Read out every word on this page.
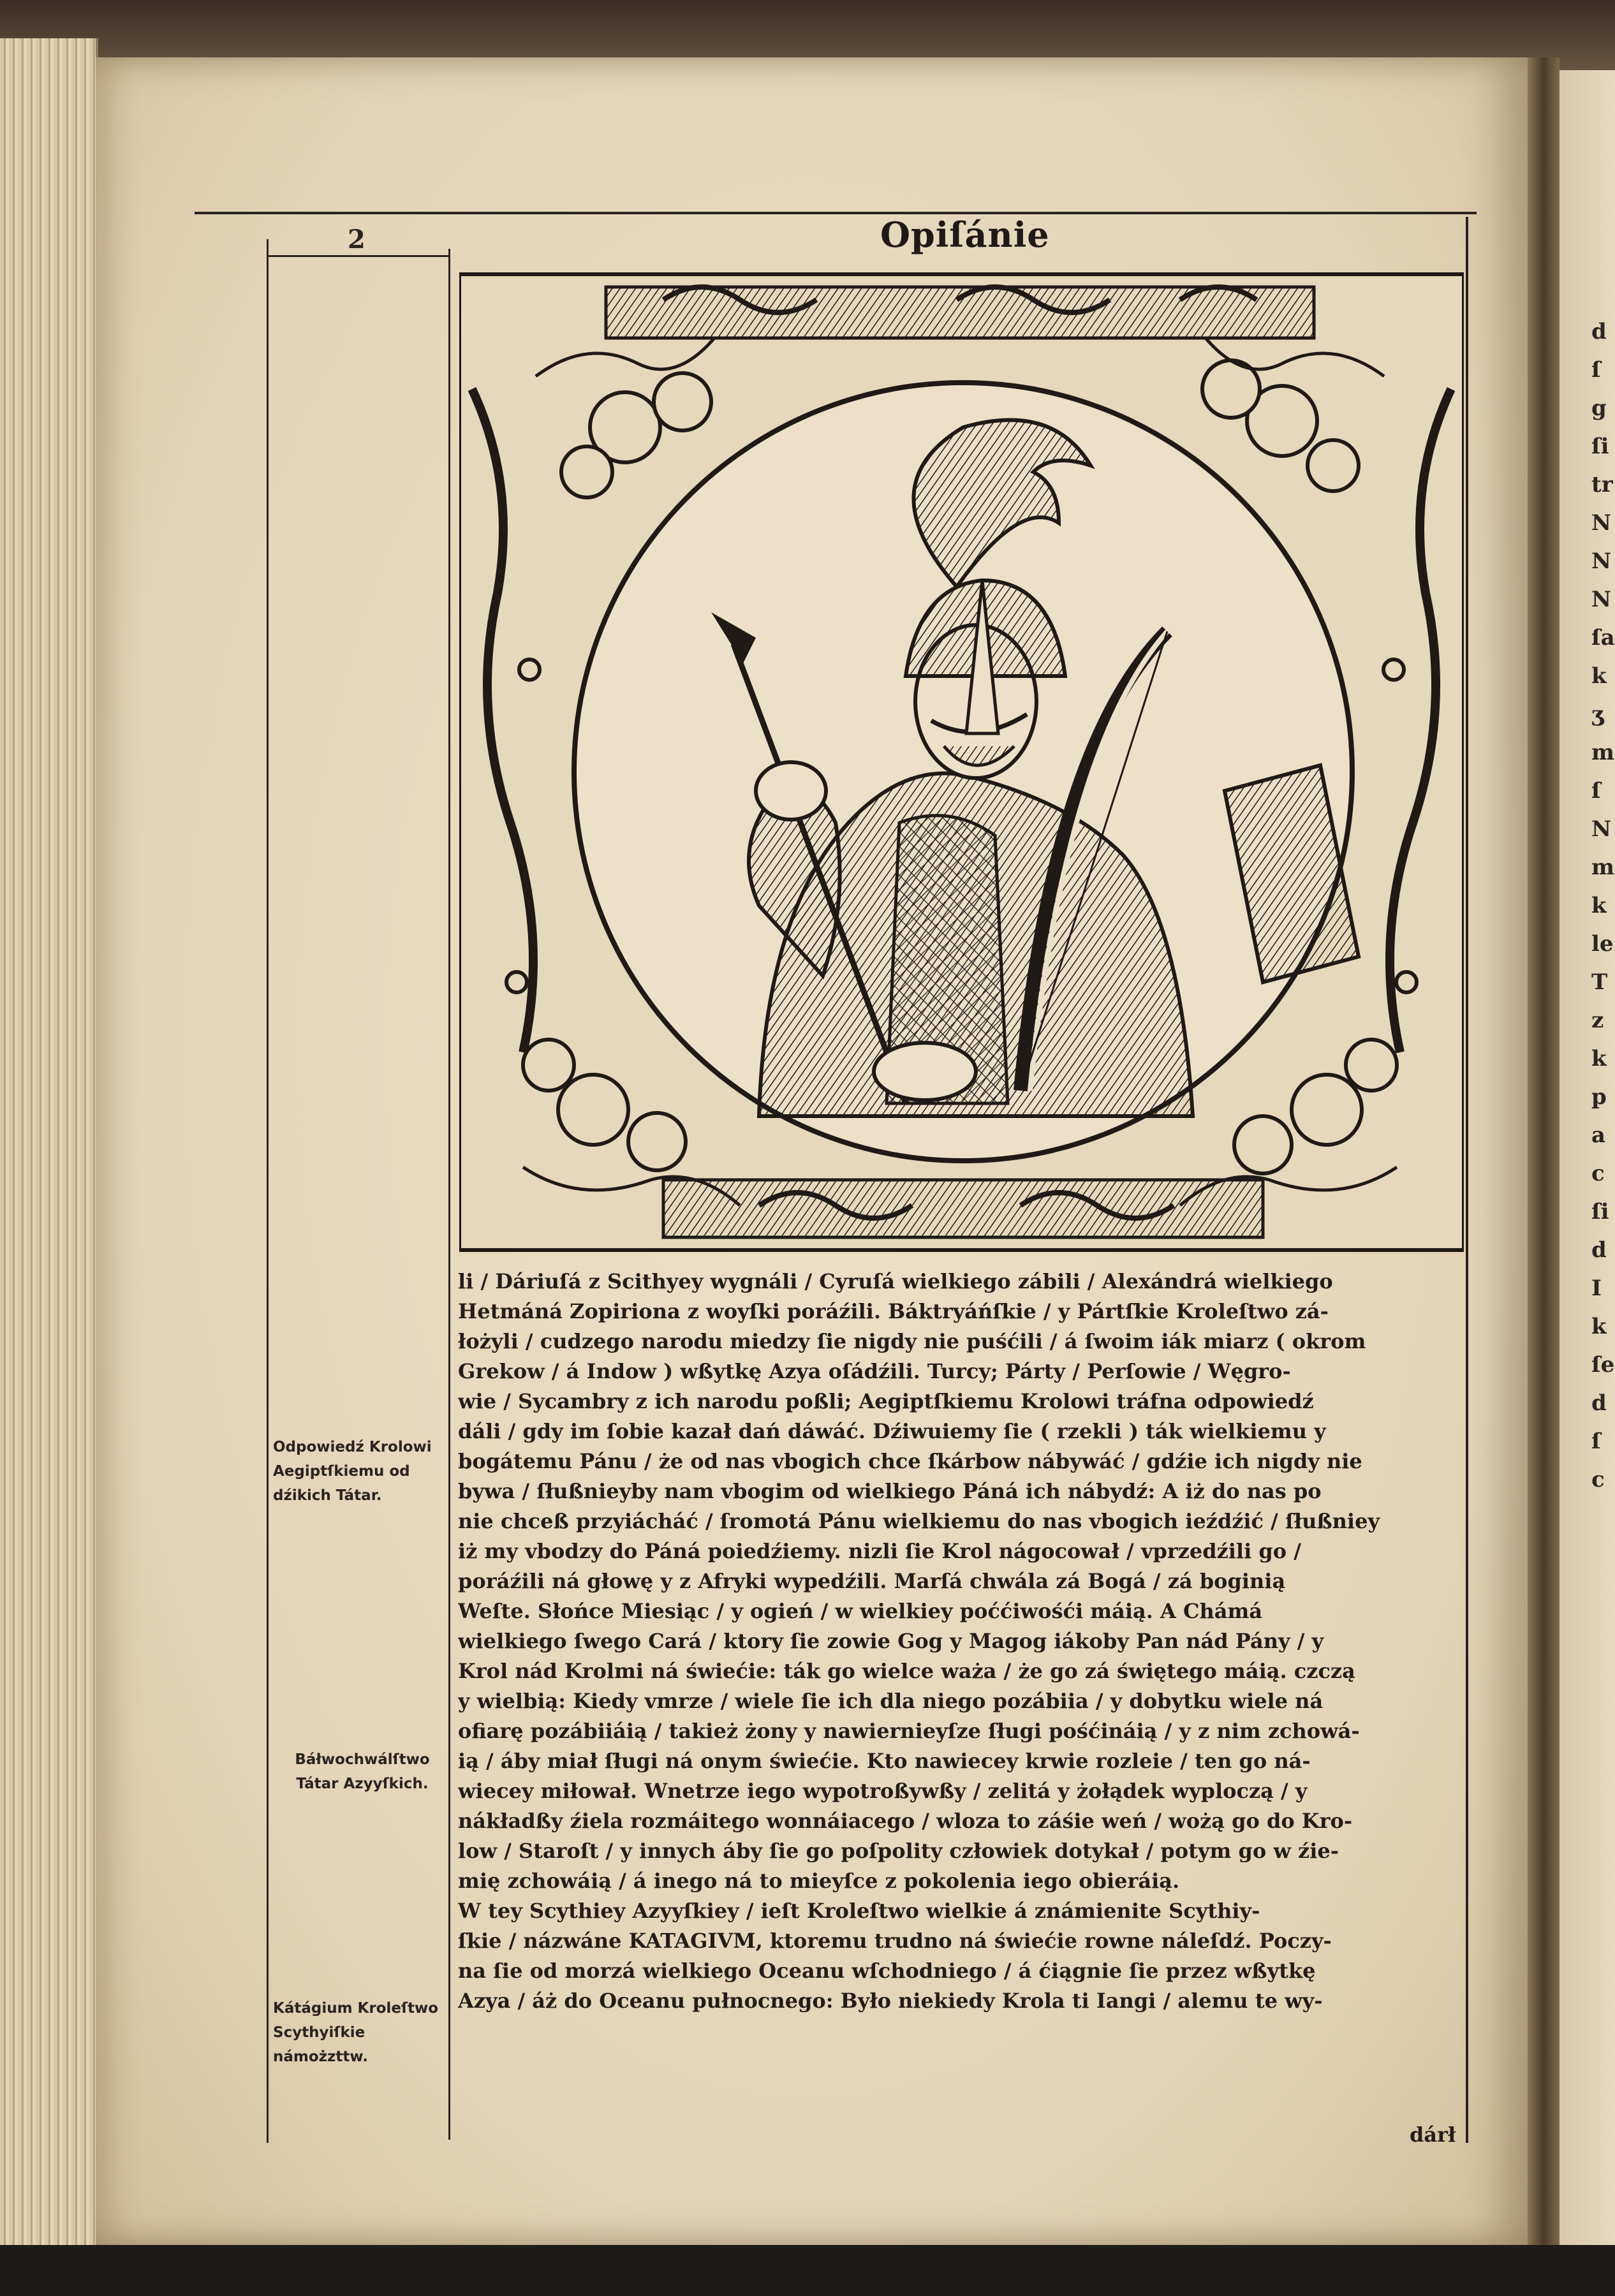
d
ſ
g
ſi
tr
N
N
N
ſa
k
ʒ
m
ſ
N
m
k
le
T
z
k
p
a
c
ſi
d
I
k
ſe
d
ſ
c
2	Opiſánie
Odpowiedź Krolowi Aegiptſkiemu od dźikich Tátar.
Báłwochwálſtwo Tátar Azyyſkich.
Kátágium Kroleſtwo Scythyiſkie námożzttw.
li / Dáriuſá z Scithyey wygnáli / Cyruſá wielkiego zábili / Alexándrá wielkiego
Hetmáná Zopiriona z woyſki poráźili. Báktryáńſkie / y Pártſkie Kroleſtwo zá-
łożyli / cudzego narodu miedzy ſie nigdy nie puśćili / á ſwoim iák miarz ( okrom
Grekow / á Indow ) wßytkę Azya oſádźili. Turcy; Párty / Perſowie / Węgro-
wie / Sycambry z ich narodu poßli; Aegiptſkiemu Krolowi tráfna odpowiedź
dáli / gdy im ſobie kazał dań dáwáć. Dźiwuiemy ſie ( rzekli ) ták wielkiemu y
bogátemu Pánu / że od nas vbogich chce ſkárbow nábywáć / gdźie ich nigdy nie
bywa / ſłußnieyby nam vbogim od wielkiego Páná ich nábydź: A iż do nas po
nie chceß przyiácháć / ſromotá Pánu wielkiemu do nas vbogich ieźdźić / ſłußniey
iż my vbodzy do Páná poiedźiemy. nizli ſie Krol nágocował / vprzedźili go /
poráźili ná głowę y z Afryki wypedźili. Marſá chwála zá Bogá / zá boginią
Weſte. Słońce Miesiąc / y ogień / w wielkiey poććiwośći máią. A Chámá
wielkiego ſwego Cará / ktory ſie zowie Gog y Magog iákoby Pan nád Pány / y
Krol nád Krolmi ná świećie: ták go wielce waża / że go zá świętego máią. czczą
y wielbią: Kiedy vmrze / wiele ſie ich dla niego pozábiia / y dobytku wiele ná
ofiarę pozábiiáią / takież żony y nawiernieyſze ſługi pośćináią / y z nim zchowá-
ią / áby miał ſługi ná onym świećie. Kto nawiecey krwie rozleie / ten go ná-
wiecey miłował. Wnetrze iego wypotroßywßy / zelitá y żołądek wyploczą / y
nákładßy źiela rozmáitego wonnáiacego / wloza to záśie weń / wożą go do Kro-
low / Staroſt / y innych áby ſie go poſpolity człowiek dotykał / potym go w źie-
mię zchowáią / á inego ná to mieyſce z pokolenia iego obieráią.
W tey Scythiey Azyyſkiey / ieſt Kroleſtwo wielkie á známienite Scythiy-
ſkie / názwáne KATAGIVM, ktoremu trudno ná świećie rowne náleſdź. Poczy-
na ſie od morzá wielkiego Oceanu wſchodniego / á ćiągnie ſie przez wßytkę
Azya / áż do Oceanu pułnocnego: Było niekiedy Krola ti Iangi / alemu te wy-
dárł
